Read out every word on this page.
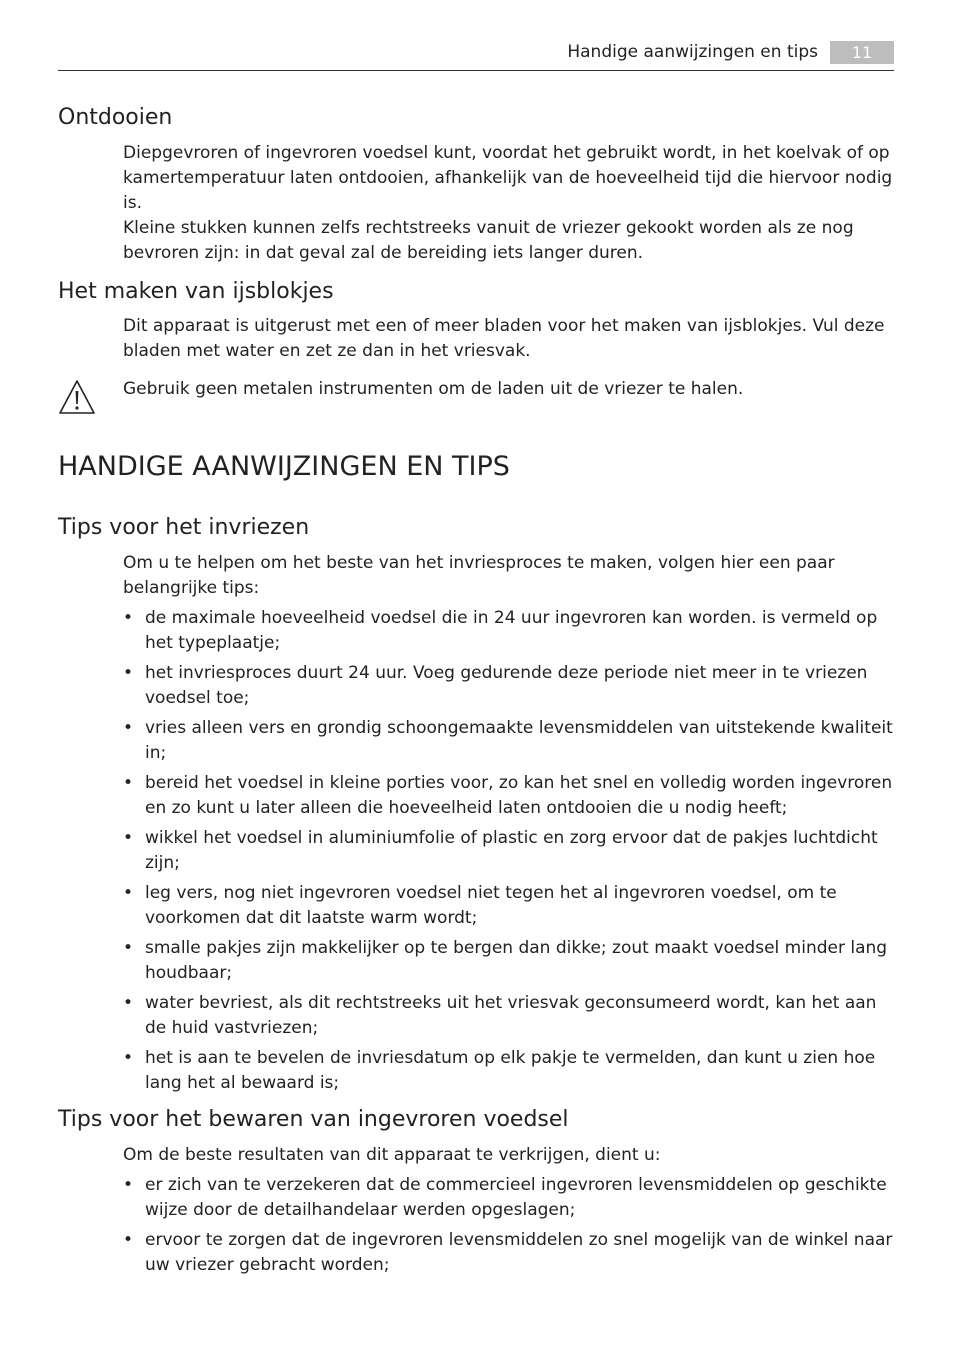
Handige aanwijzingen en tips	11
Ontdooien

Diepgevroren of ingevroren voedsel kunt, voordat het gebruikt wordt, in het koelvak of op kamertemperatuur laten ontdooien, afhankelijk van de hoeveelheid tijd die hiervoor nodig is.

Kleine stukken kunnen zelfs rechtstreeks vanuit de vriezer gekookt worden als ze nog bevroren zijn: in dat geval zal de bereiding iets langer duren.

Het maken van ijsblokjes

Dit apparaat is uitgerust met een of meer bladen voor het maken van ijsblokjes. Vul deze bladen met water en zet ze dan in het vriesvak.

Gebruik geen metalen instrumenten om de laden uit de vriezer te halen.

HANDIGE AANWIJZINGEN EN TIPS
Tips voor het invriezen

Om u te helpen om het beste van het invriesproces te maken, volgen hier een paar belangrijke tips:

• de maximale hoeveelheid voedsel die in 24 uur ingevroren kan worden. is vermeld op het typeplaatje;
• het invriesproces duurt 24 uur. Voeg gedurende deze periode niet meer in te vriezen voedsel toe;
• vries alleen vers en grondig schoongemaakte levensmiddelen van uitstekende kwaliteit in;
• bereid het voedsel in kleine porties voor, zo kan het snel en volledig worden ingevroren en zo kunt u later alleen die hoeveelheid laten ontdooien die u nodig heeft;
• wikkel het voedsel in aluminiumfolie of plastic en zorg ervoor dat de pakjes luchtdicht zijn;
• leg vers, nog niet ingevroren voedsel niet tegen het al ingevroren voedsel, om te voorkomen dat dit laatste warm wordt;
• smalle pakjes zijn makkelijker op te bergen dan dikke; zout maakt voedsel minder lang houdbaar;
• water bevriest, als dit rechtstreeks uit het vriesvak geconsumeerd wordt, kan het aan de huid vastvriezen;
• het is aan te bevelen de invriesdatum op elk pakje te vermelden, dan kunt u zien hoe lang het al bewaard is;
Tips voor het bewaren van ingevroren voedsel

Om de beste resultaten van dit apparaat te verkrijgen, dient u:

• er zich van te verzekeren dat de commercieel ingevroren levensmiddelen op geschikte wijze door de detailhandelaar werden opgeslagen;
• ervoor te zorgen dat de ingevroren levensmiddelen zo snel mogelijk van de winkel naar uw vriezer gebracht worden;
